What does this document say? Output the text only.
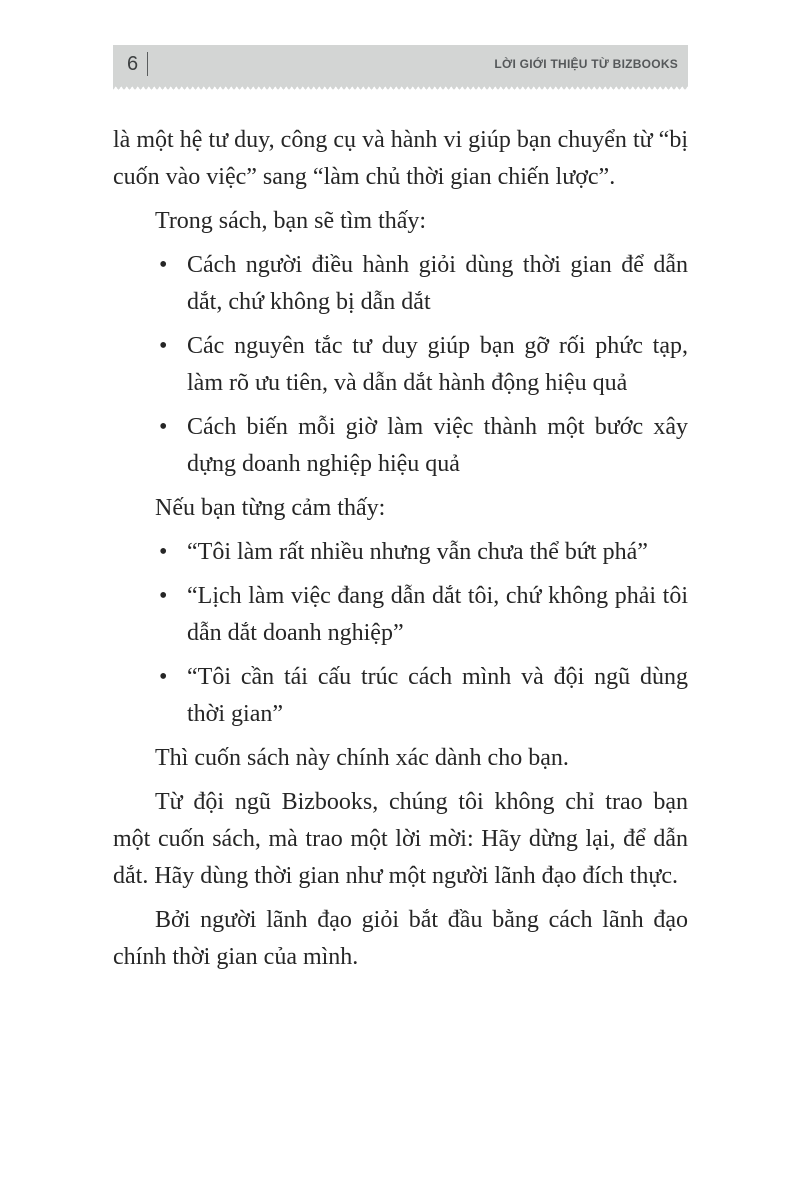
6	LỜI GIỚI THIỆU TỪ BIZBOOKS

là một hệ tư duy, công cụ và hành vi giúp bạn chuyển từ “bị cuốn vào việc” sang “làm chủ thời gian chiến lược”.

Trong sách, bạn sẽ tìm thấy:

• Cách người điều hành giỏi dùng thời gian để dẫn dắt, chứ không bị dẫn dắt
• Các nguyên tắc tư duy giúp bạn gỡ rối phức tạp, làm rõ ưu tiên, và dẫn dắt hành động hiệu quả
• Cách biến mỗi giờ làm việc thành một bước xây dựng doanh nghiệp hiệu quả

Nếu bạn từng cảm thấy:

• “Tôi làm rất nhiều nhưng vẫn chưa thể bứt phá”
• “Lịch làm việc đang dẫn dắt tôi, chứ không phải tôi dẫn dắt doanh nghiệp”
• “Tôi cần tái cấu trúc cách mình và đội ngũ dùng thời gian”

Thì cuốn sách này chính xác dành cho bạn.

Từ đội ngũ Bizbooks, chúng tôi không chỉ trao bạn một cuốn sách, mà trao một lời mời: Hãy dừng lại, để dẫn dắt. Hãy dùng thời gian như một người lãnh đạo đích thực.

Bởi người lãnh đạo giỏi bắt đầu bằng cách lãnh đạo chính thời gian của mình.
